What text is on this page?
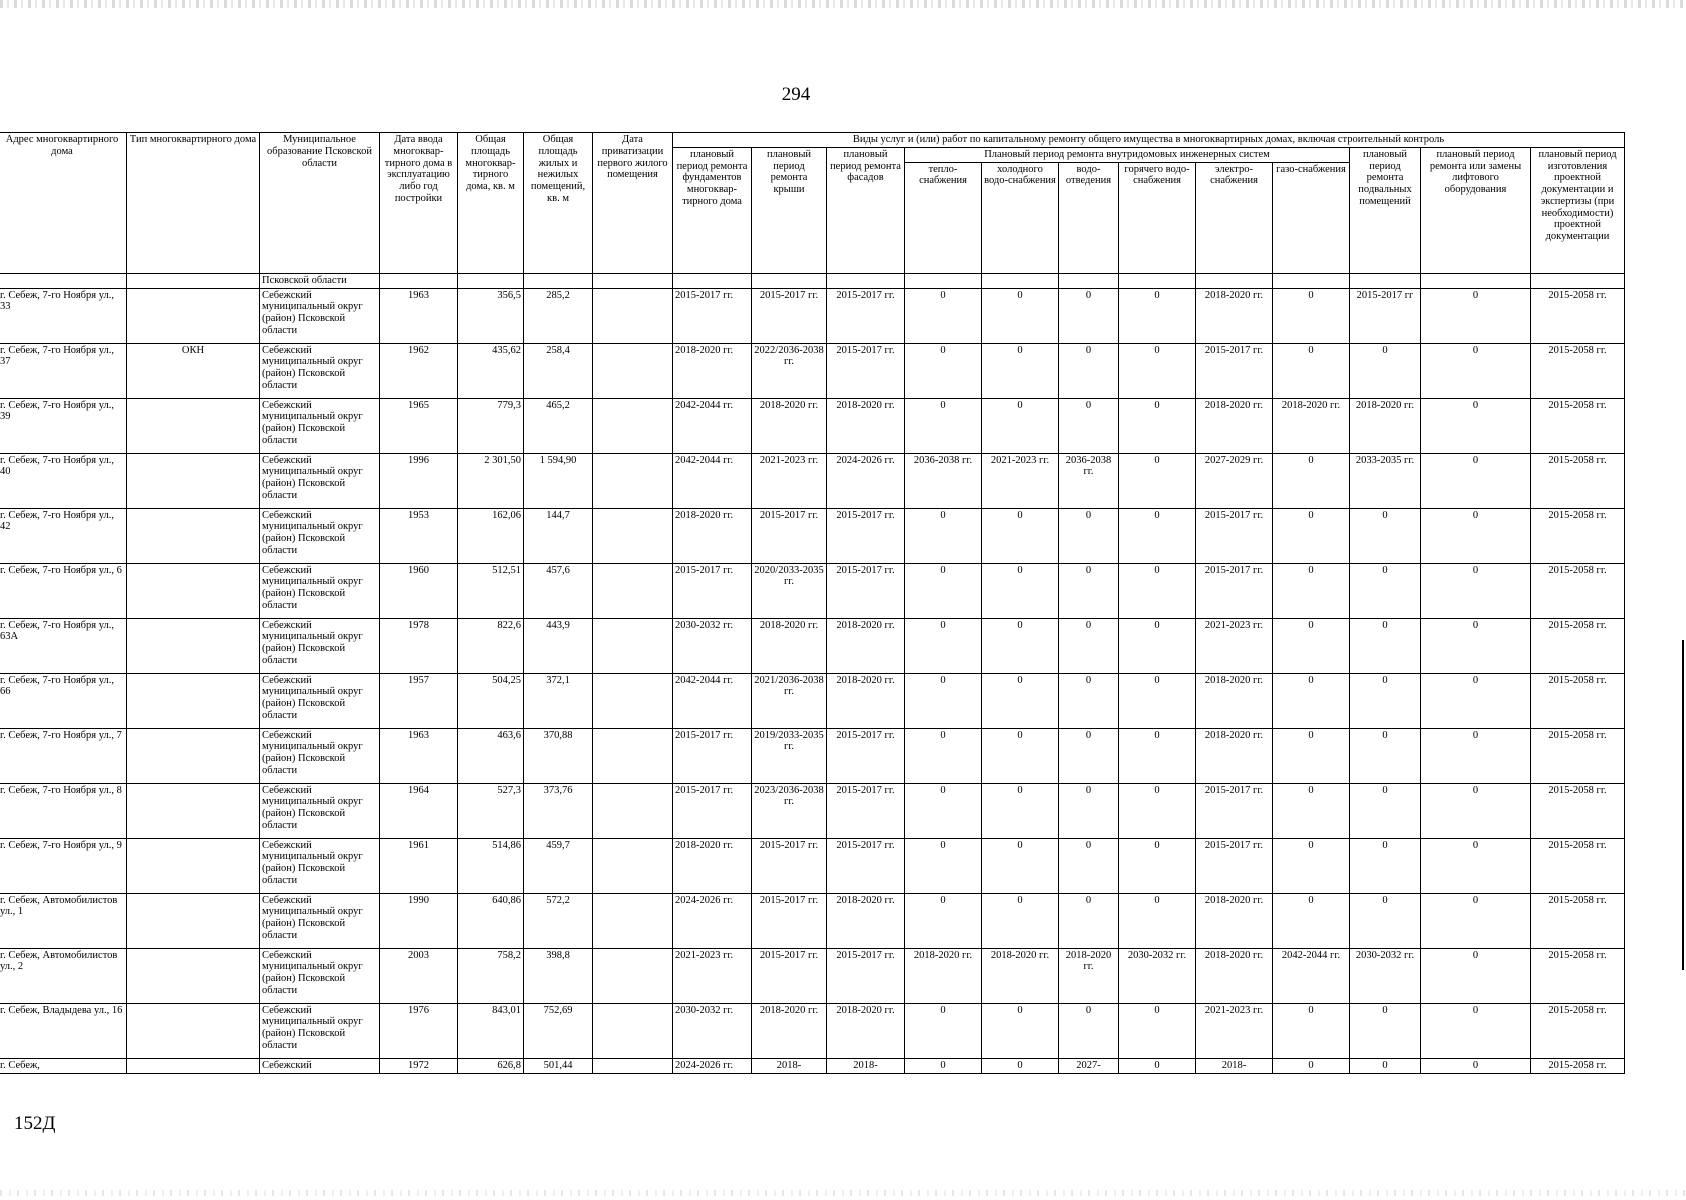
294
Адрес многоквартирного дома	Тип многоквартирного дома	Муниципальное образование Псковской области	Дата ввода многоквар-тирного дома в эксплуатацию либо год постройки	Общая площадь многоквар-тирного дома, кв. м	Общая площадь жилых и нежилых помещений, кв. м	Дата приватизации первого жилого помещения	Виды услуг и (или) работ по капитальному ремонту общего имущества в многоквартирных домах, включая строительный контроль											
							плановый период ремонта фундаментов многоквар-тирного дома	плановый период ремонта крыши	плановый период ремонта фасадов	Плановый период ремонта внутридомовых инженерных систем						плановый период ремонта подвальных помещений	плановый период ремонта или замены лифтового оборудования	плановый период изготовления проектной документации и экспертизы (при необходимости) проектной документации
										тепло-снабжения	холодного водо-снабжения	водо-отведения	горячего водо-снабжения	электро-снабжения	газо-снабжения			
		Псковской области																
г. Себеж, 7-го Ноября ул., 33		Себежский муниципальный округ (район) Псковской области	1963	356,5	285,2		2015-2017 гг.	2015-2017 гг.	2015-2017 гг.	0	0	0	0	2018-2020 гг.	0	2015-2017 гг	0	2015-2058 гг.
г. Себеж, 7-го Ноября ул., 37	ОКН	Себежский муниципальный округ (район) Псковской области	1962	435,62	258,4		2018-2020 гг.	2022/2036-2038 гг.	2015-2017 гг.	0	0	0	0	2015-2017 гг.	0	0	0	2015-2058 гг.
г. Себеж, 7-го Ноября ул., 39		Себежский муниципальный округ (район) Псковской области	1965	779,3	465,2		2042-2044 гг.	2018-2020 гг.	2018-2020 гг.	0	0	0	0	2018-2020 гг.	2018-2020 гг.	2018-2020 гг.	0	2015-2058 гг.
г. Себеж, 7-го Ноября ул., 40		Себежский муниципальный округ (район) Псковской области	1996	2 301,50	1 594,90		2042-2044 гг.	2021-2023 гг.	2024-2026 гг.	2036-2038 гг.	2021-2023 гг.	2036-2038 гг.	0	2027-2029 гг.	0	2033-2035 гг.	0	2015-2058 гг.
г. Себеж, 7-го Ноября ул., 42		Себежский муниципальный округ (район) Псковской области	1953	162,06	144,7		2018-2020 гг.	2015-2017 гг.	2015-2017 гг.	0	0	0	0	2015-2017 гг.	0	0	0	2015-2058 гг.
г. Себеж, 7-го Ноября ул., 6		Себежский муниципальный округ (район) Псковской области	1960	512,51	457,6		2015-2017 гг.	2020/2033-2035 гг.	2015-2017 гг.	0	0	0	0	2015-2017 гг.	0	0	0	2015-2058 гг.
г. Себеж, 7-го Ноября ул., 63А		Себежский муниципальный округ (район) Псковской области	1978	822,6	443,9		2030-2032 гг.	2018-2020 гг.	2018-2020 гг.	0	0	0	0	2021-2023 гг.	0	0	0	2015-2058 гг.
г. Себеж, 7-го Ноября ул., 66		Себежский муниципальный округ (район) Псковской области	1957	504,25	372,1		2042-2044 гг.	2021/2036-2038 гг.	2018-2020 гг.	0	0	0	0	2018-2020 гг.	0	0	0	2015-2058 гг.
г. Себеж, 7-го Ноября ул., 7		Себежский муниципальный округ (район) Псковской области	1963	463,6	370,88		2015-2017 гг.	2019/2033-2035 гг.	2015-2017 гг.	0	0	0	0	2018-2020 гг.	0	0	0	2015-2058 гг.
г. Себеж, 7-го Ноября ул., 8		Себежский муниципальный округ (район) Псковской области	1964	527,3	373,76		2015-2017 гг.	2023/2036-2038 гг.	2015-2017 гг.	0	0	0	0	2015-2017 гг.	0	0	0	2015-2058 гг.
г. Себеж, 7-го Ноября ул., 9		Себежский муниципальный округ (район) Псковской области	1961	514,86	459,7		2018-2020 гг.	2015-2017 гг.	2015-2017 гг.	0	0	0	0	2015-2017 гг.	0	0	0	2015-2058 гг.
г. Себеж, Автомобилистов ул., 1		Себежский муниципальный округ (район) Псковской области	1990	640,86	572,2		2024-2026 гг.	2015-2017 гг.	2018-2020 гг.	0	0	0	0	2018-2020 гг.	0	0	0	2015-2058 гг.
г. Себеж, Автомобилистов ул., 2		Себежский муниципальный округ (район) Псковской области	2003	758,2	398,8		2021-2023 гг.	2015-2017 гг.	2015-2017 гг.	2018-2020 гг.	2018-2020 гг.	2018-2020 гг.	2030-2032 гг.	2018-2020 гг.	2042-2044 гг.	2030-2032 гг.	0	2015-2058 гг.
г. Себеж, Владыдева ул., 16		Себежский муниципальный округ (район) Псковской области	1976	843,01	752,69		2030-2032 гг.	2018-2020 гг.	2018-2020 гг.	0	0	0	0	2021-2023 гг.	0	0	0	2015-2058 гг.
г. Себеж,		Себежский	1972	626,8	501,44		2024-2026 гг.	2018-	2018-	0	0	2027-	0	2018-	0	0	0	2015-2058 гг.
152Д
